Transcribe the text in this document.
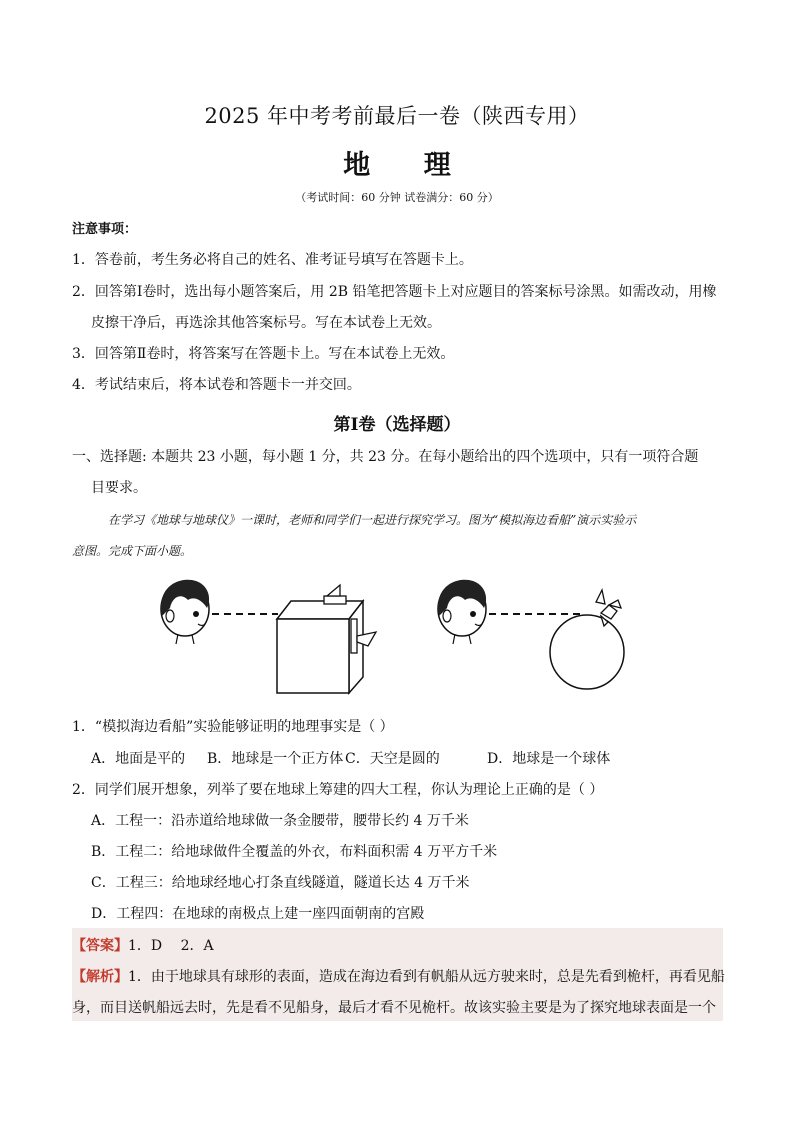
2025 年中考考前最后一卷（陕西专用）
地 理
（考试时间：60 分钟 试卷满分：60 分）
注意事项：
1．答卷前，考生务必将自己的姓名、准考证号填写在答题卡上。
2．回答第Ⅰ卷时，选出每小题答案后，用 2B 铅笔把答题卡上对应题目的答案标号涂黑。如需改动，用橡
皮擦干净后，再选涂其他答案标号。写在本试卷上无效。
3．回答第Ⅱ卷时，将答案写在答题卡上。写在本试卷上无效。
4．考试结束后，将本试卷和答题卡一并交回。
第Ⅰ卷（选择题）
一、选择题: 本题共 23 小题，每小题 1 分，共 23 分。在每小题给出的四个选项中，只有一项符合题
目要求。
在学习《地球与地球仪》一课时，老师和同学们一起进行探究学习。图为“模拟海边看船”演示实验示
意图。完成下面小题。
1．“模拟海边看船”实验能够证明的地理事实是（ ）
A．地面是平的 B．地球是一个正方体 C．天空是圆的	D．地球是一个球体
2．同学们展开想象，列举了要在地球上筹建的四大工程，你认为理论上正确的是（ ）
A．工程一：沿赤道给地球做一条金腰带，腰带长约 4 万千米
B．工程二：给地球做件全覆盖的外衣，布料面积需 4 万平方千米
C．工程三：给地球经地心打条直线隧道，隧道长达 4 万千米
D．工程四：在地球的南极点上建一座四面朝南的宫殿
【答案】1．D　 2．A
【解析】1．由于地球具有球形的表面，造成在海边看到有帆船从远方驶来时，总是先看到桅杆，再看见船
身，而目送帆船远去时，先是看不见船身，最后才看不见桅杆。故该实验主要是为了探究地球表面是一个
